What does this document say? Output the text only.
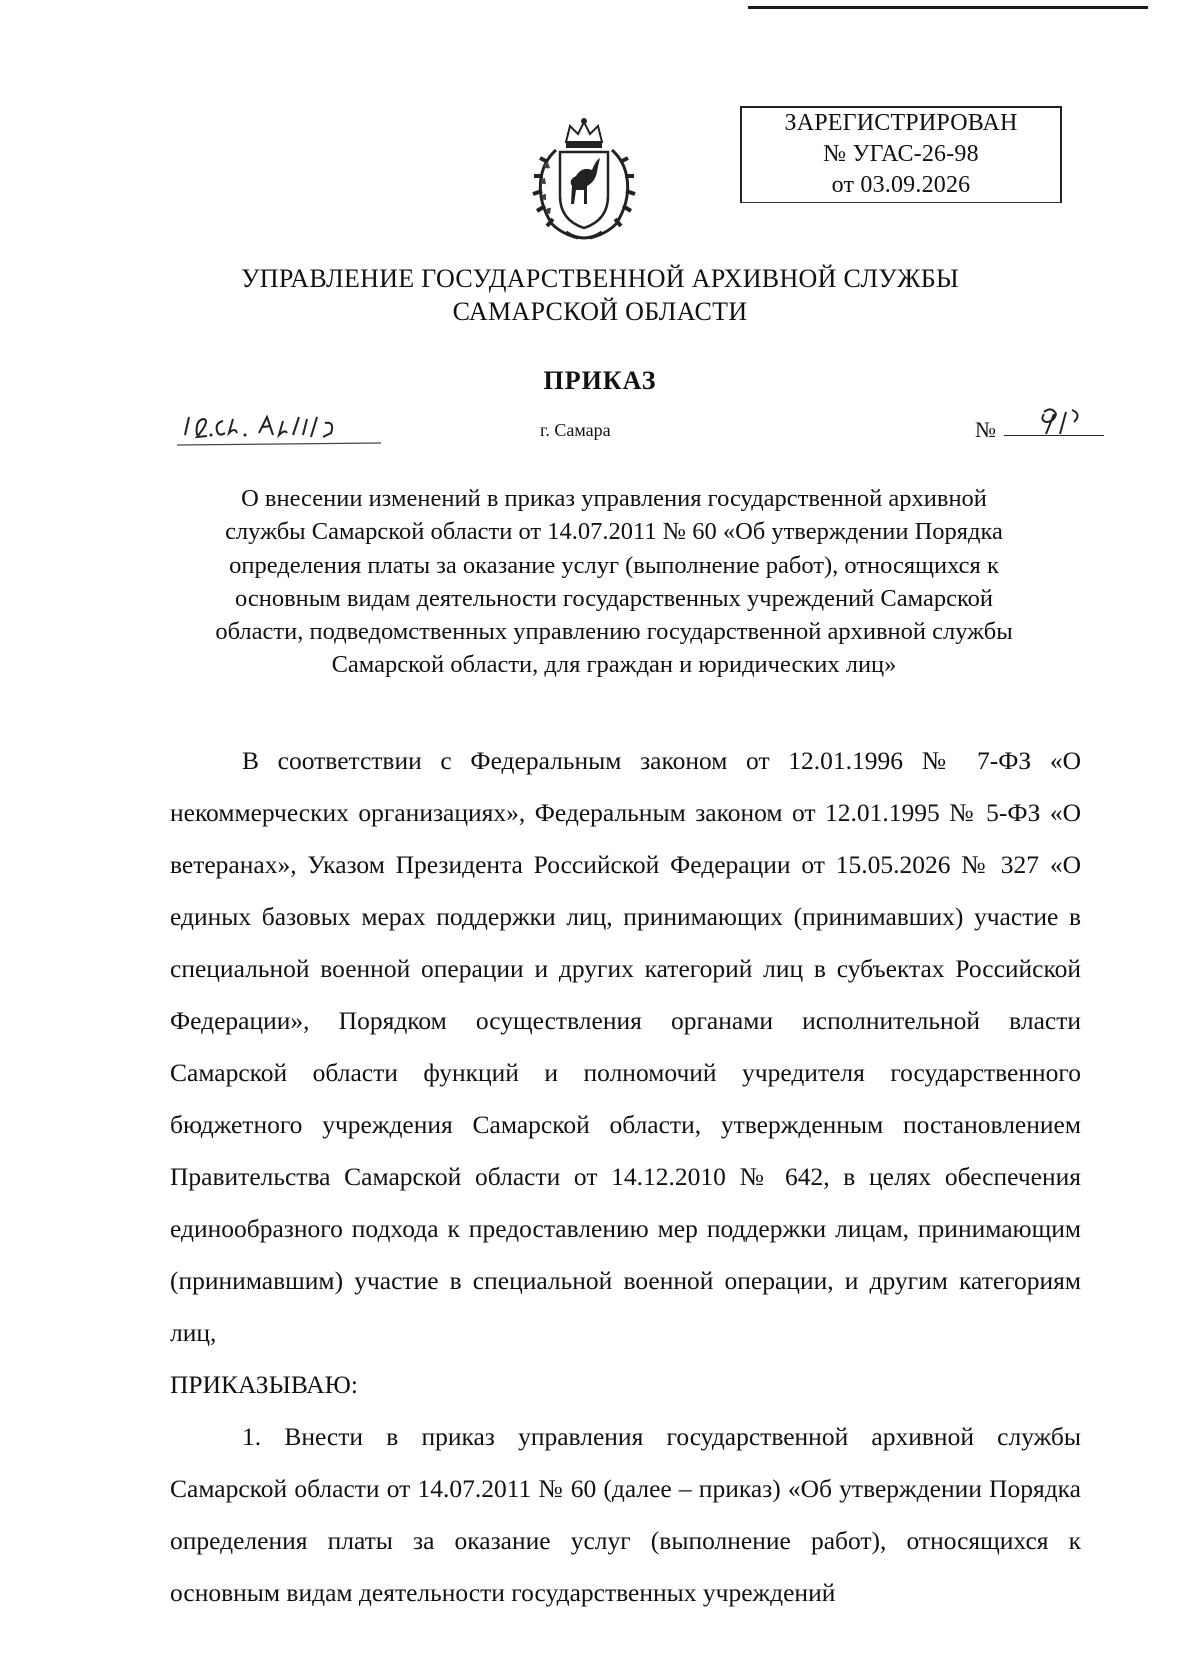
ЗАРЕГИСТРИРОВАН
№ УГАС-26-98
от 03.09.2026
УПРАВЛЕНИЕ ГОСУДАРСТВЕННОЙ АРХИВНОЙ СЛУЖБЫ
САМАРСКОЙ ОБЛАСТИ
ПРИКАЗ
г. Самара	№
О внесении изменений в приказ управления государственной архивной
службы Самарской области от 14.07.2011 № 60 «Об утверждении Порядка
определения платы за оказание услуг (выполнение работ), относящихся к
основным видам деятельности государственных учреждений Самарской
области, подведомственных управлению государственной архивной службы
Самарской области, для граждан и юридических лиц»

В соответствии с Федеральным законом от 12.01.1996 № 7-ФЗ «О некоммерческих организациях», Федеральным законом от 12.01.1995 № 5-ФЗ «О ветеранах», Указом Президента Российской Федерации от 15.05.2026 № 327 «О единых базовых мерах поддержки лиц, принимающих (принимавших) участие в специальной военной операции и других категорий лиц в субъектах Российской Федерации», Порядком осуществления органами исполнительной власти Самарской области функций и полномочий учредителя государственного бюджетного учреждения Самарской области, утвержденным постановлением Правительства Самарской области от 14.12.2010 № 642, в целях обеспечения единообразного подхода к предоставлению мер поддержки лицам, принимающим (принимавшим) участие в специальной военной операции, и другим категориям лиц,

ПРИКАЗЫВАЮ:

1. Внести в приказ управления государственной архивной службы Самарской области от 14.07.2011 № 60 (далее – приказ) «Об утверждении Порядка определения платы за оказание услуг (выполнение работ), относящихся к основным видам деятельности государственных учреждений
